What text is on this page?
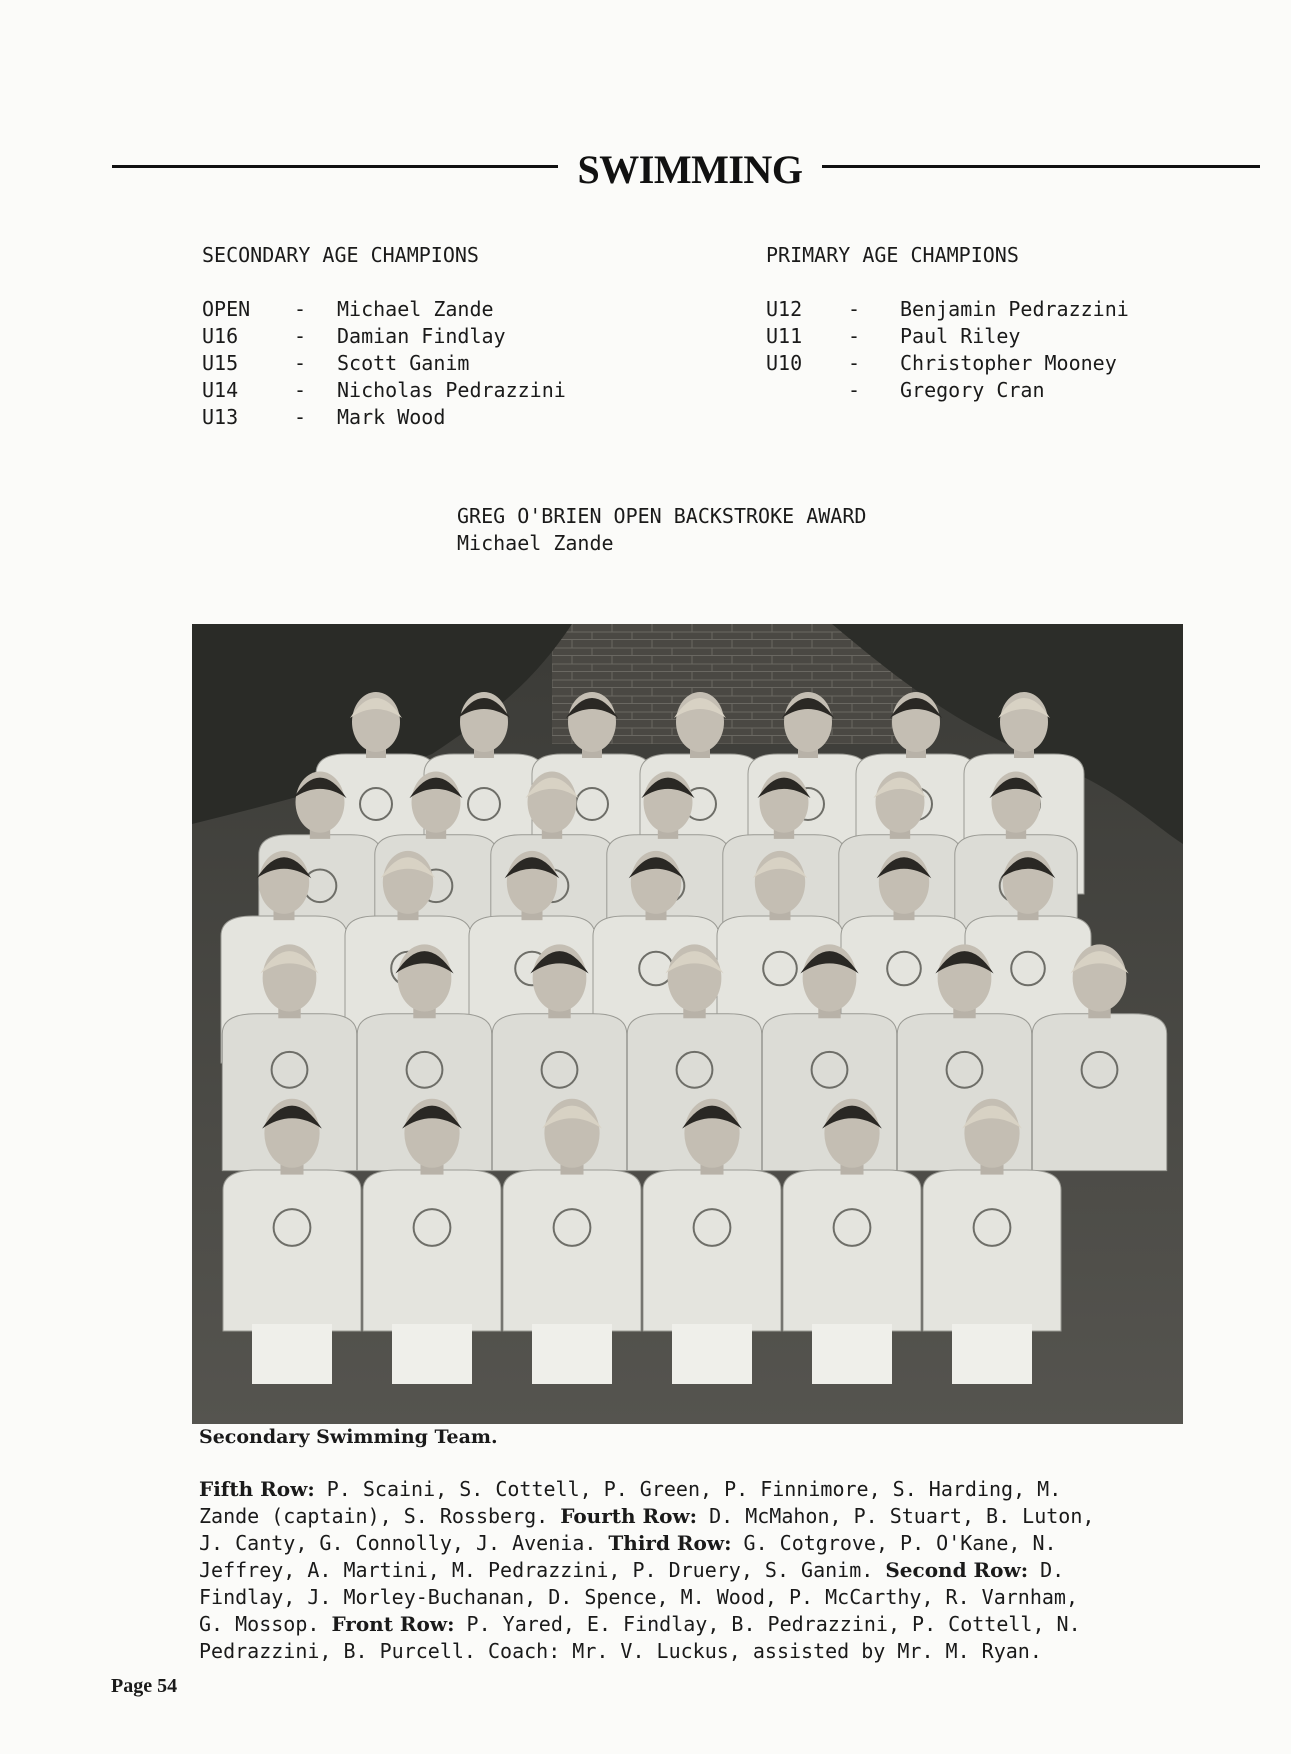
SWIMMING
SECONDARY AGE CHAMPIONS
OPEN	-	Michael Zande
U16	-	Damian Findlay
U15	-	Scott Ganim
U14	-	Nicholas Pedrazzini
U13	-	Mark Wood
PRIMARY AGE CHAMPIONS
U12	-	Benjamin Pedrazzini
U11	-	Paul Riley
U10	-	Christopher Mooney
	-	Gregory Cran
GREG O'BRIEN OPEN BACKSTROKE AWARD
Michael Zande
Secondary Swimming Team.
Fifth Row: P. Scaini, S. Cottell, P. Green, P. Finnimore, S. Harding, M.
Zande (captain), S. Rossberg. Fourth Row: D. McMahon, P. Stuart, B. Luton,
J. Canty, G. Connolly, J. Avenia. Third Row: G. Cotgrove, P. O'Kane, N.
Jeffrey, A. Martini, M. Pedrazzini, P. Druery, S. Ganim. Second Row: D.
Findlay, J. Morley-Buchanan, D. Spence, M. Wood, P. McCarthy, R. Varnham,
G. Mossop. Front Row: P. Yared, E. Findlay, B. Pedrazzini, P. Cottell, N.
Pedrazzini, B. Purcell. Coach: Mr. V. Luckus, assisted by Mr. M. Ryan.
Page 54
